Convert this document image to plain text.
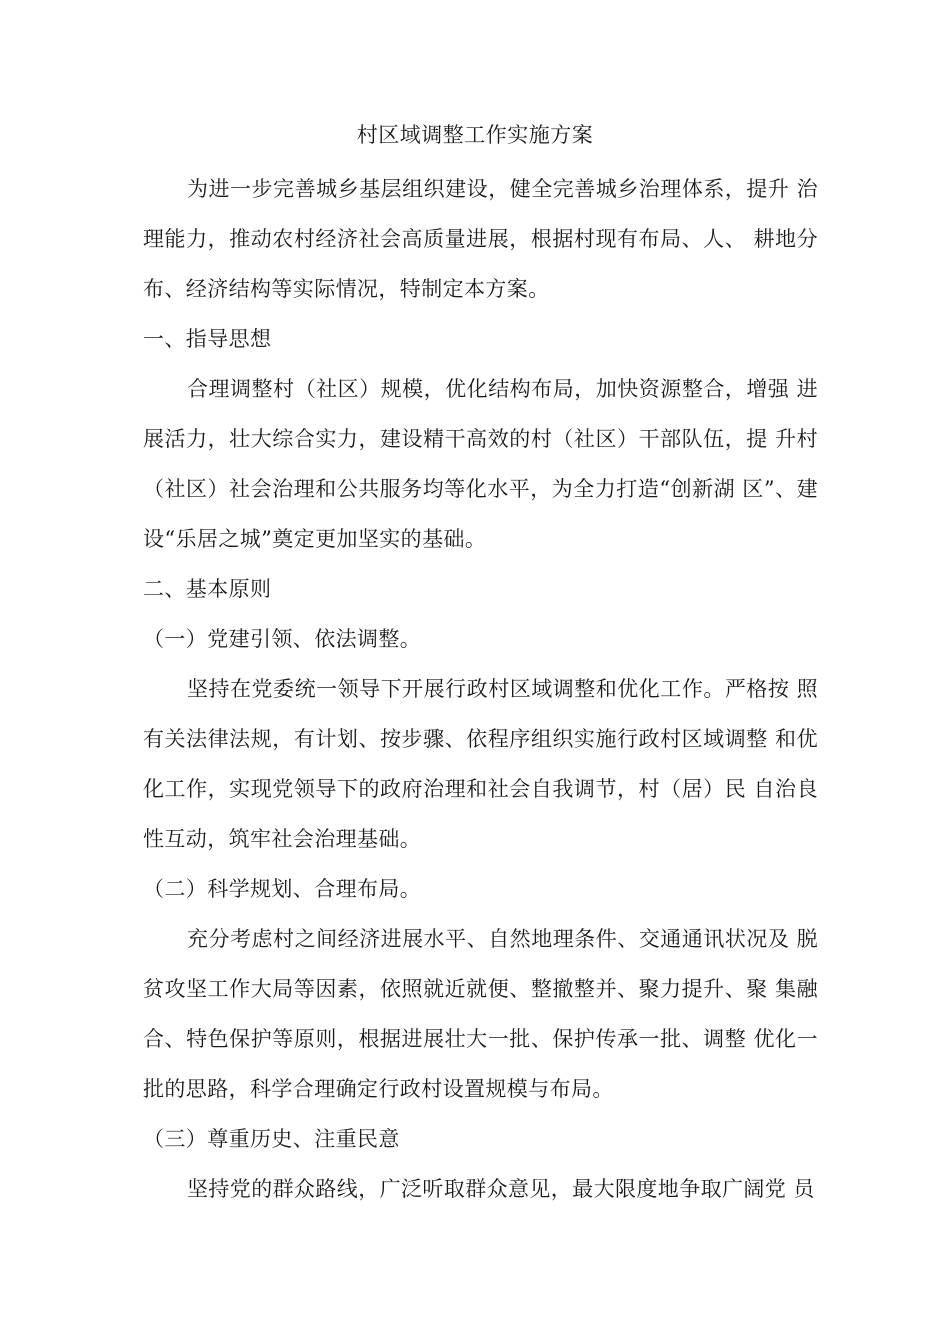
村区域调整工作实施方案

为进一步完善城乡基层组织建设，健全完善城乡治理体系，提升 治理能力，推动农村经济社会高质量进展，根据村现有布局、人、 耕地分布、经济结构等实际情况，特制定本方案。

一、指导思想

合理调整村（社区）规模，优化结构布局，加快资源整合，增强 进展活力，壮大综合实力，建设精干高效的村（社区）干部队伍，提 升村（社区）社会治理和公共服务均等化水平，为全力打造“创新湖 区”、建设“乐居之城”奠定更加坚实的基础。

二、基本原则

（一）党建引领、依法调整。

坚持在党委统一领导下开展行政村区域调整和优化工作。严格按 照有关法律法规，有计划、按步骤、依程序组织实施行政村区域调整 和优化工作，实现党领导下的政府治理和社会自我调节，村（居）民 自治良性互动，筑牢社会治理基础。

（二）科学规划、合理布局。

充分考虑村之间经济进展水平、自然地理条件、交通通讯状况及 脱贫攻坚工作大局等因素，依照就近就便、整撤整并、聚力提升、聚 集融合、特色保护等原则，根据进展壮大一批、保护传承一批、调整 优化一批的思路，科学合理确定行政村设置规模与布局。

（三）尊重历史、注重民意

坚持党的群众路线，广泛听取群众意见，最大限度地争取广阔党 员
